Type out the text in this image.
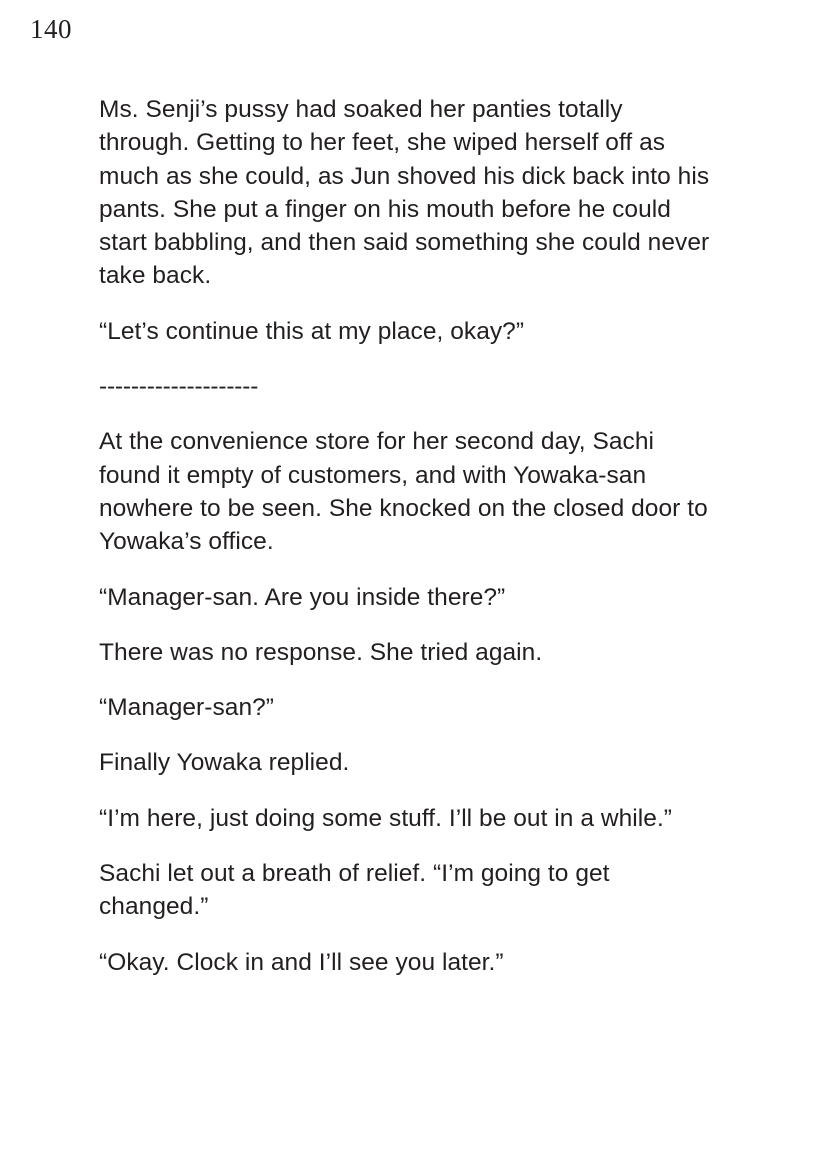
140

Ms. Senji’s pussy had soaked her panties totally through. Getting to her feet, she wiped herself off as much as she could, as Jun shoved his dick back into his pants. She put a finger on his mouth before he could start babbling, and then said something she could never take back.

“Let’s continue this at my place, okay?”

--------------------

At the convenience store for her second day, Sachi found it empty of customers, and with Yowaka-san nowhere to be seen. She knocked on the closed door to Yowaka’s office.

“Manager-san. Are you inside there?”

There was no response. She tried again.

“Manager-san?”

Finally Yowaka replied.

“I’m here, just doing some stuff. I’ll be out in a while.”

Sachi let out a breath of relief. “I’m going to get changed.”

“Okay. Clock in and I’ll see you later.”
